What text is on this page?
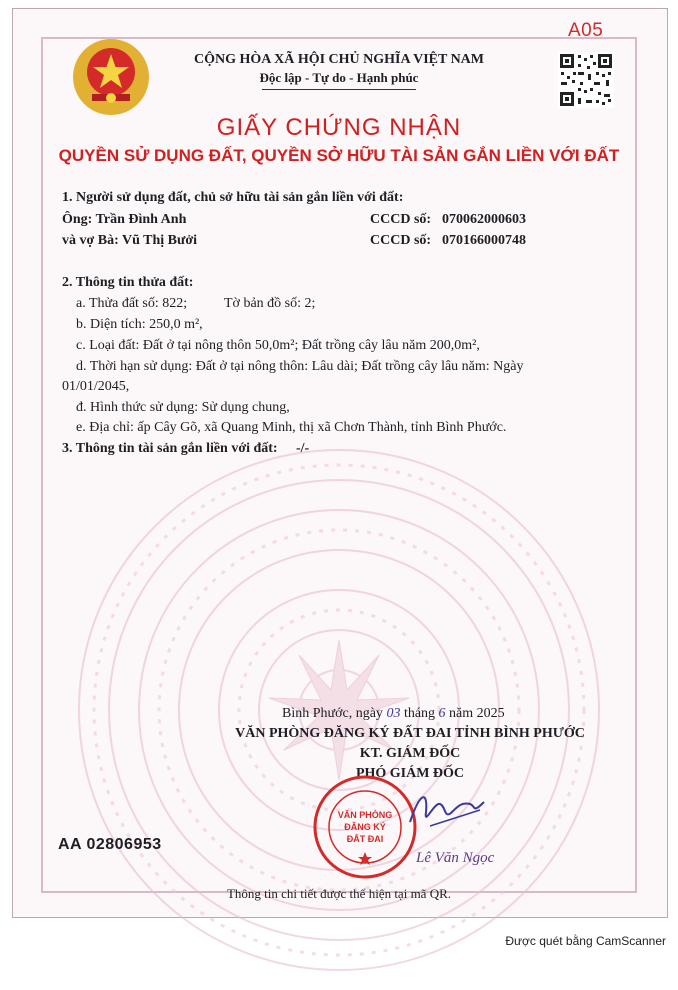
A05
CỘNG HÒA XÃ HỘI CHỦ NGHĨA VIỆT NAM
Độc lập - Tự do - Hạnh phúc
GIẤY CHỨNG NHẬN
QUYỀN SỬ DỤNG ĐẤT, QUYỀN SỞ HỮU TÀI SẢN GẮN LIỀN VỚI ĐẤT
1. Người sử dụng đất, chủ sở hữu tài sản gắn liền với đất:
Ông: Trần Đình Anh	CCCD số: 070062000603
và vợ Bà: Vũ Thị Bưởi	CCCD số: 070166000748
2. Thông tin thửa đất:
a. Thửa đất số: 822;	Tờ bản đồ số: 2;
b. Diện tích: 250,0 m²,
c. Loại đất: Đất ở tại nông thôn 50,0m²; Đất trồng cây lâu năm 200,0m²,
d. Thời hạn sử dụng: Đất ở tại nông thôn: Lâu dài; Đất trồng cây lâu năm: Ngày
01/01/2045,
đ. Hình thức sử dụng: Sử dụng chung,
e. Địa chỉ: ấp Cây Gõ, xã Quang Minh, thị xã Chơn Thành, tỉnh Bình Phước.
3. Thông tin tài sản gắn liền với đất: -/-
Bình Phước, ngày 03 tháng 6 năm 2025
VĂN PHÒNG ĐĂNG KÝ ĐẤT ĐAI TỈNH BÌNH PHƯỚC
KT. GIÁM ĐỐC
PHÓ GIÁM ĐỐC
VĂN PHÒNG
ĐĂNG KÝ
ĐẤT ĐAI
Lê Văn Ngọc
AA 02806953
Thông tin chi tiết được thể hiện tại mã QR.
Được quét bằng CamScanner
